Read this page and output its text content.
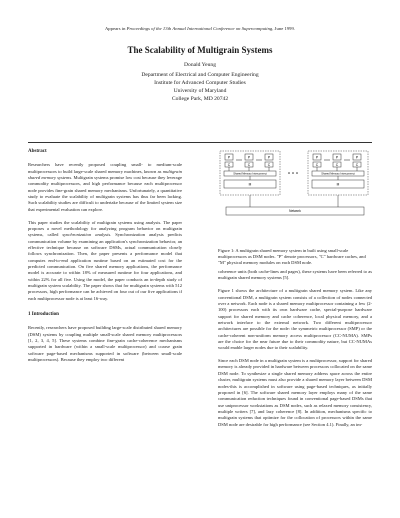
Appears in Proceedings of the 13th Annual International Conference on Supercomputing, June 1999.
The Scalability of Multigrain Systems
Donald Yeung
Department of Electrical and Computer Engineering
Institute for Advanced Computer Studies
University of Maryland
College Park, MD 20742

Abstract

Researchers have recently proposed coupling small- to medium-scale multiprocessors to build large-scale shared memory machines, known as multigrain shared memory systems. Multigrain systems promise low cost because they leverage commodity multiprocessors, and high performance because each multiprocessor node provides fine-grain shared memory mechanisms. Unfortunately, a quantitative study to evaluate the scalability of multigrain systems has thus far been lacking. Such scalability studies are difficult to undertake because of the limited system size that experimental evaluation can explore.

This paper studies the scalability of multigrain systems using analysis. The paper proposes a novel methodology for analyzing program behavior on multigrain systems, called synchronization analysis. Synchronization analysis predicts communication volume by examining an application's synchronization behavior, an effective technique because on software DSMs, actual communication closely follows synchronization. Then, the paper presents a performance model that computes end-to-end application runtime based on an estimated cost for the predicted communication. On five shared memory applications, the performance model is accurate to within 18% of measured runtime for four applications, and within 22% for all five. Using the model, the paper conducts an in-depth study of multigrain system scalability. The paper shows that for multigrain systems with 512 processors, high performance can be achieved on four out of our five applications if each multiprocessor node is at least 16-way.

1 Introduction

Recently, researchers have proposed building large-scale distributed shared memory (DSM) systems by coupling multiple small-scale shared memory multiprocessors [1, 2, 3, 4, 5]. These systems combine fine-grain cache-coherence mechanisms supported in hardware (within a small-scale multiprocessor) and coarse grain software page-based mechanisms supported in software (between small-scale multiprocessors). Because they employ two different

P	P	P
C	C	C
Shared Memory Interconnect
M
P	P	P
C	C	C
Shared Memory Interconnect
M
Network
Figure 1: A multigrain shared memory system in built using small-scale multiprocessors as DSM nodes. "P" denote processors, "C" hardware caches, and "M" physical memory modules on each DSM node.

coherence units (both cache-lines and pages), these systems have been referred to as multigrain shared memory systems [5].

Figure 1 shows the architecture of a multigrain shared memory system. Like any conventional DSM, a multigrain system consists of a collection of nodes connected over a network. Each node is a shared memory multiprocessor containing a few (2-100) processors each with its own hardware cache, special-purpose hardware support for shared memory and cache coherence, local physical memory, and a network interface to the external network. Two different multiprocessor architectures are possible for the node: the symmetric multiprocessor (SMP) or the cache-coherent non-uniform memory access multiprocessor (CC-NUMA). SMPs are the choice for the near future due to their commodity nature, but CC-NUMAs would enable larger nodes due to their scalability.

Since each DSM node in a multigrain system is a multiprocessor, support for shared memory is already provided in hardware between processors collocated on the same DSM node. To synthesize a single shared memory address space across the entire cluster, multigrain systems must also provide a shared memory layer between DSM nodes-this is accomplished in software using page-based techniques, as initially proposed in [6]. The software shared memory layer employs many of the same communication reduction techniques found in conventional page-based DSMs that use uniprocessor workstations as DSM nodes, such as relaxed memory consistency, multiple writers [7], and lazy coherence [8]. In addition, mechanisms specific to multigrain systems that optimize for the collocation of processors within the same DSM node are desirable for high performance (see Section 4.1). Finally, an im-
